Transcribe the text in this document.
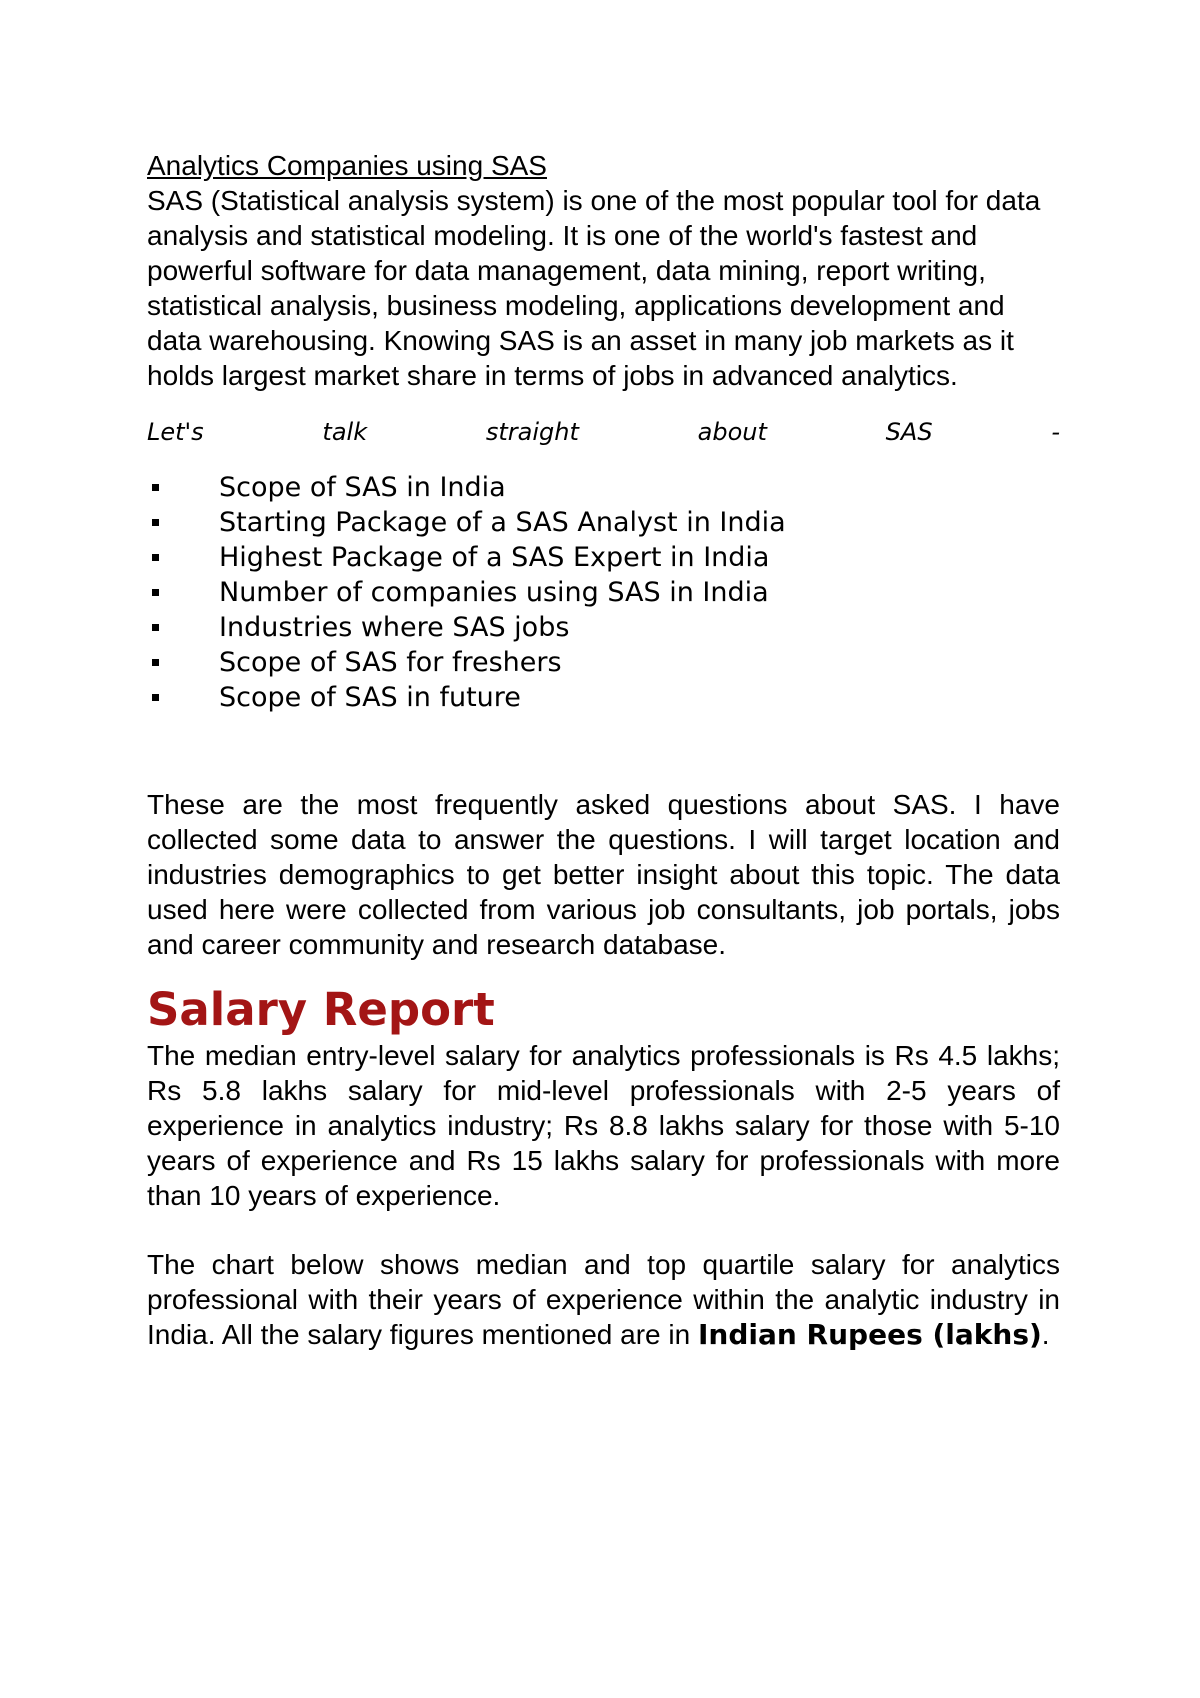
Analytics Companies using SAS

SAS (Statistical analysis system) is one of the most popular tool for data analysis and statistical modeling. It is one of the world's fastest and powerful software for data management, data mining, report writing, statistical analysis, business modeling, applications development and data warehousing. Knowing SAS is an asset in many job markets as it holds largest market share in terms of jobs in advanced analytics.

Let's	talk	straight	about	SAS	-
Scope of SAS in India
Starting Package of a SAS Analyst in India
Highest Package of a SAS Expert in India
Number of companies using SAS in India
Industries where SAS jobs
Scope of SAS for freshers
Scope of SAS in future

These are the most frequently asked questions about SAS. I have collected some data to answer the questions. I will target location and industries demographics to get better insight about this topic. The data used here were collected from various job consultants, job portals, jobs and career community and research database.

Salary Report

The median entry-level salary for analytics professionals is Rs 4.5 lakhs; Rs 5.8 lakhs salary for mid-level professionals with 2-5 years of experience in analytics industry; Rs 8.8 lakhs salary for those with 5-10 years of experience and Rs 15 lakhs salary for professionals with more than 10 years of experience.

The chart below shows median and top quartile salary for analytics professional with their years of experience within the analytic industry in India. All the salary figures mentioned are in Indian Rupees (lakhs).
